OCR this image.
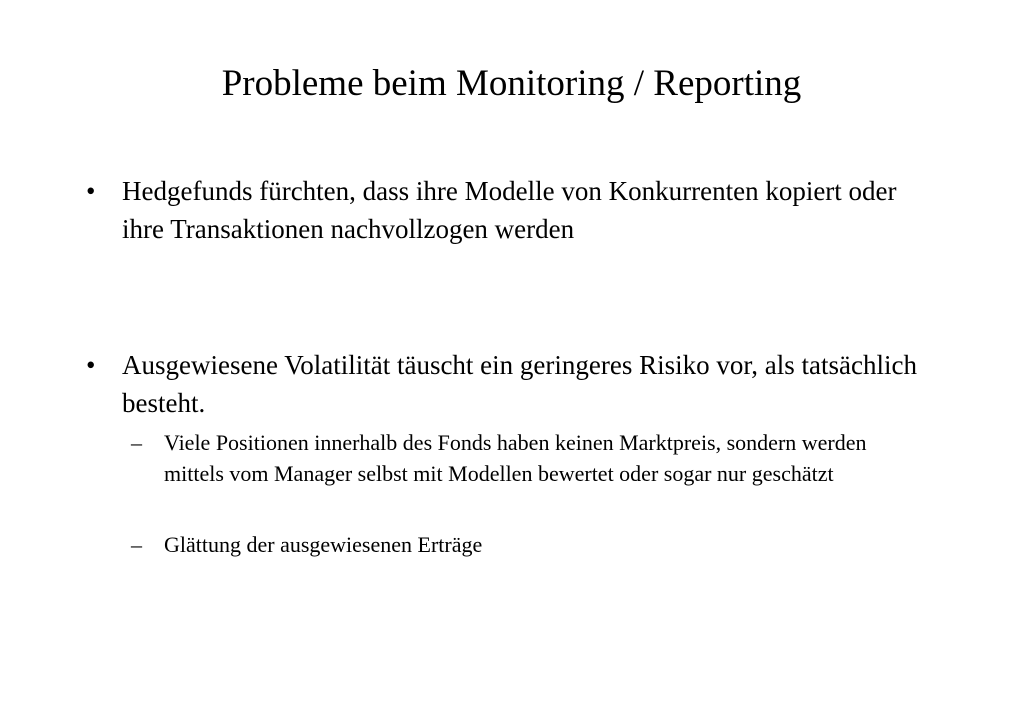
Probleme beim Monitoring / Reporting
• Hedgefunds fürchten, dass ihre Modelle von Konkurrenten kopiert oder ihre Transaktionen nachvollzogen werden
• Ausgewiesene Volatilität täuscht ein geringeres Risiko vor, als tatsächlich besteht.
– Viele Positionen innerhalb des Fonds haben keinen Marktpreis, sondern werden mittels vom Manager selbst mit Modellen bewertet oder sogar nur geschätzt
– Glättung der ausgewiesenen Erträge
